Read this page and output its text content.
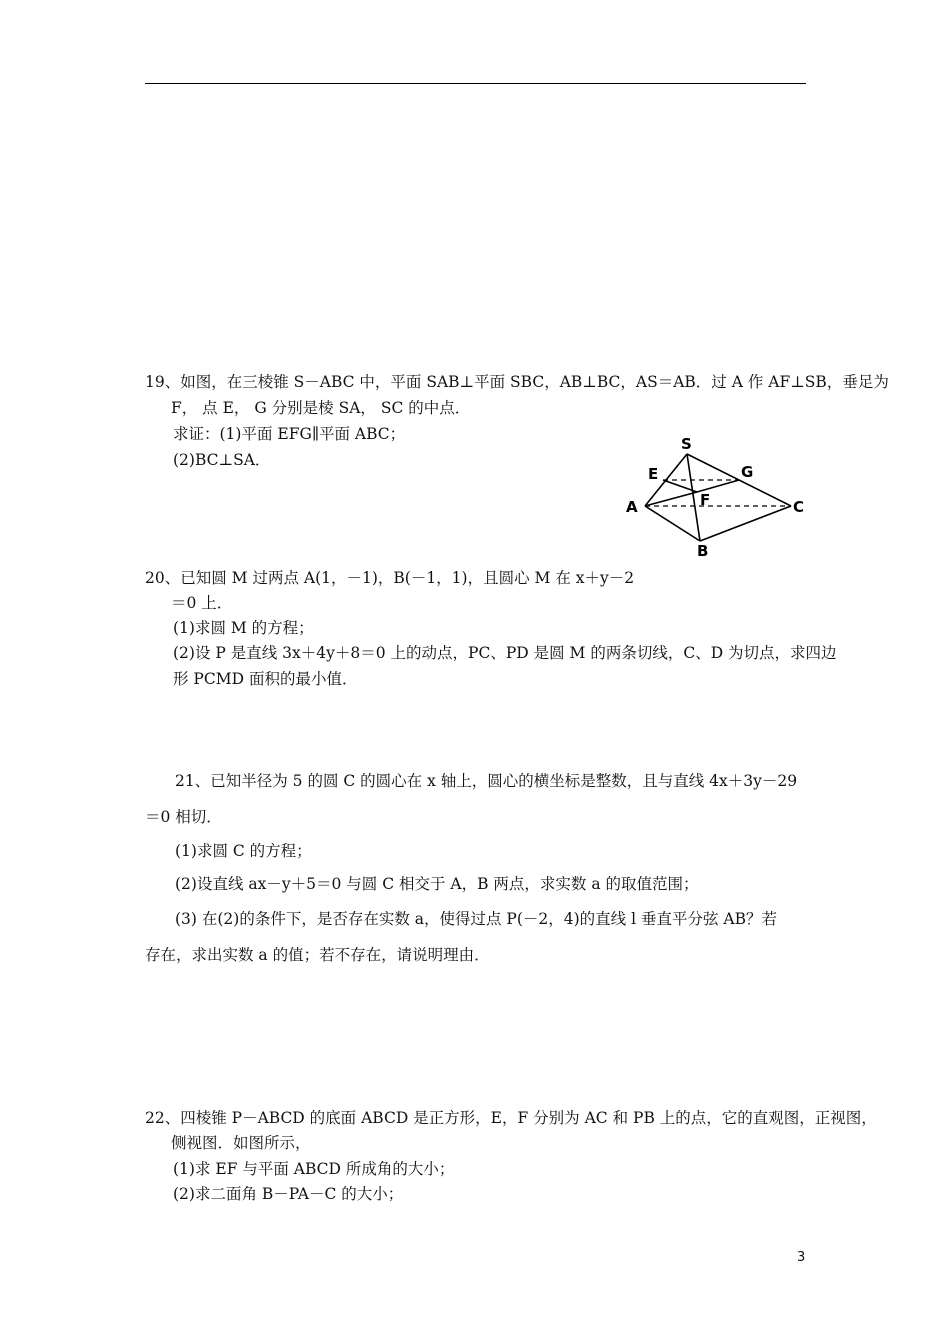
19、如图，在三棱锥 S－ABC 中，平面 SAB⊥平面 SBC，AB⊥BC，AS＝AB．过 A 作 AF⊥SB，垂足为
F， 点 E， G 分别是棱 SA， SC 的中点．
求证：(1)平面 EFG∥平面 ABC；
(2)BC⊥SA．
S
E	G
F
A	C
B
20、已知圆 M 过两点 A(1，－1)，B(－1，1)，且圆心 M 在 x＋y－2
＝0 上．
(1)求圆 M 的方程；
(2)设 P 是直线 3x＋4y＋8＝0 上的动点，PC、PD 是圆 M 的两条切线，C、D 为切点，求四边
形 PCMD 面积的最小值．
21、已知半径为 5 的圆 C 的圆心在 x 轴上，圆心的横坐标是整数，且与直线 4x＋3y－29
＝0 相切．
(1)求圆 C 的方程；
(2)设直线 ax－y＋5＝0 与圆 C 相交于 A，B 两点，求实数 a 的取值范围；
(3) 在(2)的条件下，是否存在实数 a，使得过点 P(－2，4)的直线 l 垂直平分弦 AB？若
存在，求出实数 a 的值；若不存在，请说明理由．
22、四棱锥 P－ABCD 的底面 ABCD 是正方形，E，F 分别为 AC 和 PB 上的点，它的直观图，正视图，
侧视图．如图所示，
(1)求 EF 与平面 ABCD 所成角的大小；
(2)求二面角 B－PA－C 的大小；
3
